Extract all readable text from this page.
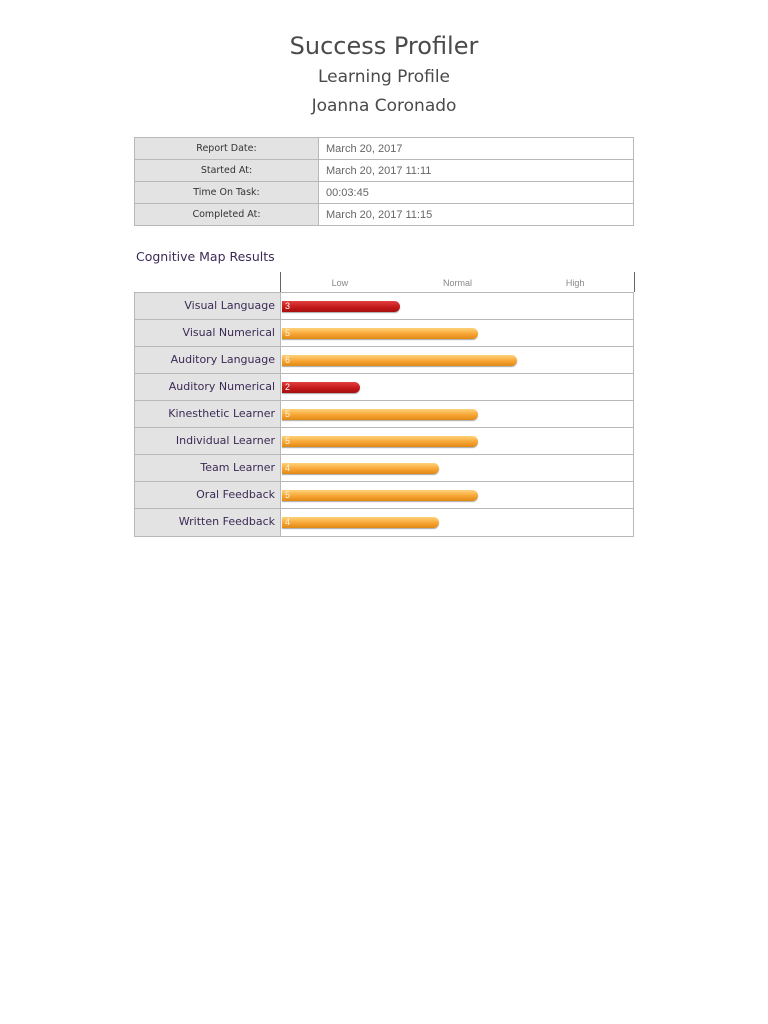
Success Profiler
Learning Profile
Joanna Coronado
Report Date:	March 20, 2017
Started At:	March 20, 2017 11:11
Time On Task:	00:03:45
Completed At:	March 20, 2017 11:15
Cognitive Map Results
Low	Normal	High
Visual Language	3
Visual Numerical	5
Auditory Language	6
Auditory Numerical	2
Kinesthetic Learner	5
Individual Learner	5
Team Learner	4
Oral Feedback	5
Written Feedback	4
